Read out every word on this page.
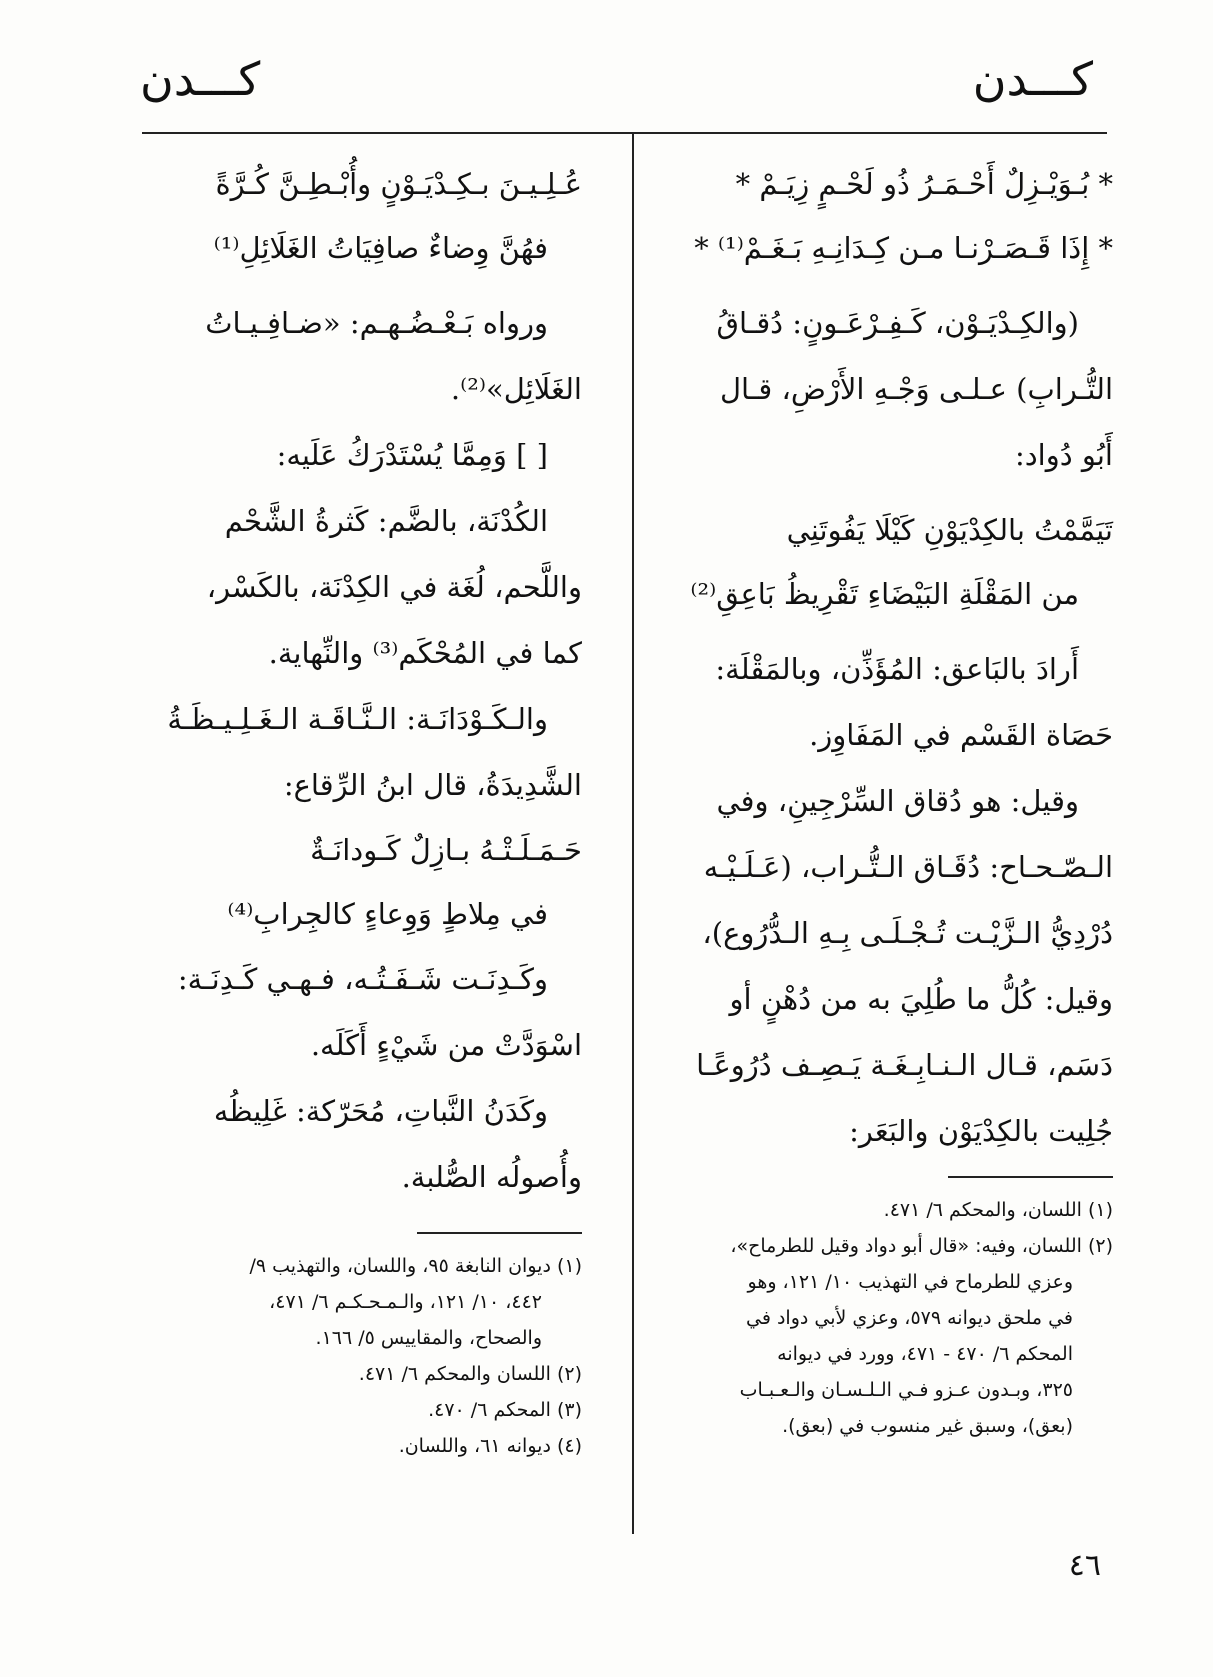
كـــدن
كـــدن
* بُـوَيْـزِلٌ أَحْـمَـرُ ذُو لَحْـمٍ زِيَـمْ *
* إِذَا قَـصَـرْنـا مـن كِـدَانِـهِ بَـغَـمْ⁽¹⁾ *
(والكِـدْيَـوْن، كَـفِـرْعَـونٍ: دُقـاقُ
التُّـرابِ) عـلـى وَجْـهِ الأَرْضِ، قـال
أَبُو دُواد:
تَيَمَّمْتُ بالكِدْيَوْنِ كَيْلَا يَفُوتَنِي
من المَقْلَةِ البَيْضَاءِ تَقْرِيظُ بَاعِقِ⁽²⁾
أَرادَ بالبَاعق: المُؤَذِّن، وبالمَقْلَة:
حَصَاة القَسْم في المَفَاوِز.
وقيل: هو دُقاق السِّرْجِينِ، وفي
الـصّـحـاح: دُقَـاق الـتُّـراب، (عَـلَـيْـه
دُرْدِيُّ الـزَّيْـت تُـجْـلَـى بِـهِ الـدُّرُوع)،
وقيل: كُلُّ ما طُلِيَ به من دُهْنٍ أو
دَسَم، قـال الـنـابِـغَـة يَـصِـف دُرُوعًـا
جُلِيت بالكِدْيَوْن والبَعَر:
(١) اللسان، والمحكم ٦/ ٤٧١.
(٢) اللسان، وفيه: «قال أبو دواد وقيل للطرماح»،
وعزي للطرماح في التهذيب ١٠/ ١٢١، وهو
في ملحق ديوانه ٥٧٩، وعزي لأبي دواد في
المحكم ٦/ ٤٧٠ - ٤٧١، وورد في ديوانه
٣٢٥، وبـدون عـزو فـي الـلـسـان والـعـبـاب
(بعق)، وسبق غير منسوب في (بعق).
عُـلِـيـنَ بـكِـدْيَـوْنٍ وأُبْـطِـنَّ كُـرَّةً
فهُنَّ وِضاءٌ صافِيَاتُ الغَلَائِلِ⁽¹⁾
ورواه بَـعْـضُـهـم: «ضـافِـيـاتُ
الغَلَائِل»⁽²⁾.
[ ] وَمِمَّا يُسْتَدْرَكُ عَلَيه:
الكُدْنَة، بالضَّم: كَثرةُ الشَّحْم
واللَّحم، لُغَة في الكِدْنَة، بالكَسْر،
كما في المُحْكَم⁽³⁾ والنِّهاية.
والـكَـوْدَانَـة: الـنَّـاقَـة الـغَـلِـيـظَـةُ
الشَّدِيدَةُ، قال ابنُ الرِّقاع:
حَـمَـلَـتْـهُ بـازِلٌ كَـودانَـةٌ
في مِلاطٍ وَوِعاءٍ كالجِرابِ⁽⁴⁾
وكَـدِنَـت شَـفَـتُـه، فـهـي كَـدِنَـة:
اسْوَدَّتْ من شَيْءٍ أَكَلَه.
وكَدَنُ النَّباتِ، مُحَرّكة: غَلِيظُه
وأُصولُه الصُّلبة.
(١) ديوان النابغة ٩٥، واللسان، والتهذيب ٩/
٤٤٢، ١٠/ ١٢١، والـمـحـكـم ٦/ ٤٧١،
والصحاح، والمقاييس ٥/ ١٦٦.
(٢) اللسان والمحكم ٦/ ٤٧١.
(٣) المحكم ٦/ ٤٧٠.
(٤) ديوانه ٦١، واللسان.
٤٦
